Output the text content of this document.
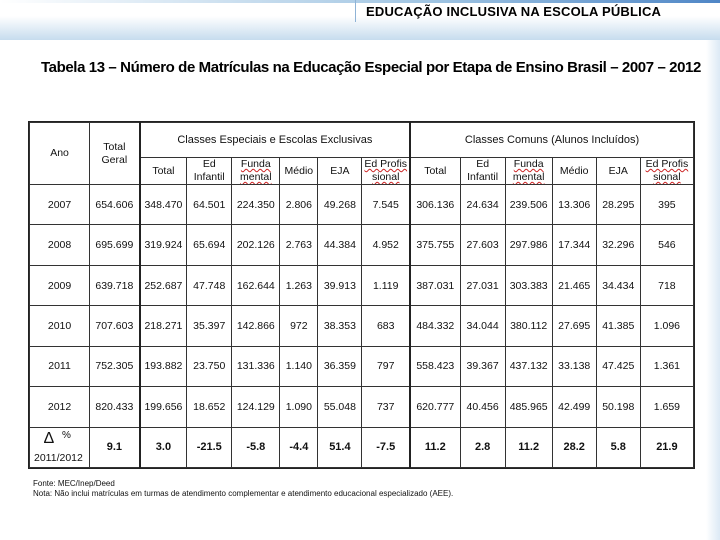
EDUCAÇÃO INCLUSIVA NA ESCOLA PÚBLICA
Tabela 13 – Número de Matrículas na Educação Especial por Etapa de Ensino Brasil – 2007 – 2012
Ano	Total Geral	Classes Especiais e Escolas Exclusivas						Classes Comuns (Alunos Incluídos)					
		Total	Ed Infantil	Funda mental	Médio	EJA	Ed Profis sional	Total	Ed Infantil	Funda mental	Médio	EJA	Ed Profis sional
2007	654.606	348.470	64.501	224.350	2.806	49.268	7.545	306.136	24.634	239.506	13.306	28.295	395
2008	695.699	319.924	65.694	202.126	2.763	44.384	4.952	375.755	27.603	297.986	17.344	32.296	546
2009	639.718	252.687	47.748	162.644	1.263	39.913	1.119	387.031	27.031	303.383	21.465	34.434	718
2010	707.603	218.271	35.397	142.866	972	38.353	683	484.332	34.044	380.112	27.695	41.385	1.096
2011	752.305	193.882	23.750	131.336	1.140	36.359	797	558.423	39.367	437.132	33.138	47.425	1.361
2012	820.433	199.656	18.652	124.129	1.090	55.048	737	620.777	40.456	485.965	42.499	50.198	1.659

∆ %
2011/2012	9.1	3.0	-21.5	-5.8	-4.4	51.4	-7.5	11.2	2.8	11.2	28.2	5.8	21.9
Fonte: MEC/Inep/Deed
Nota: Não inclui matrículas em turmas de atendimento complementar e atendimento educacional especializado (AEE).
